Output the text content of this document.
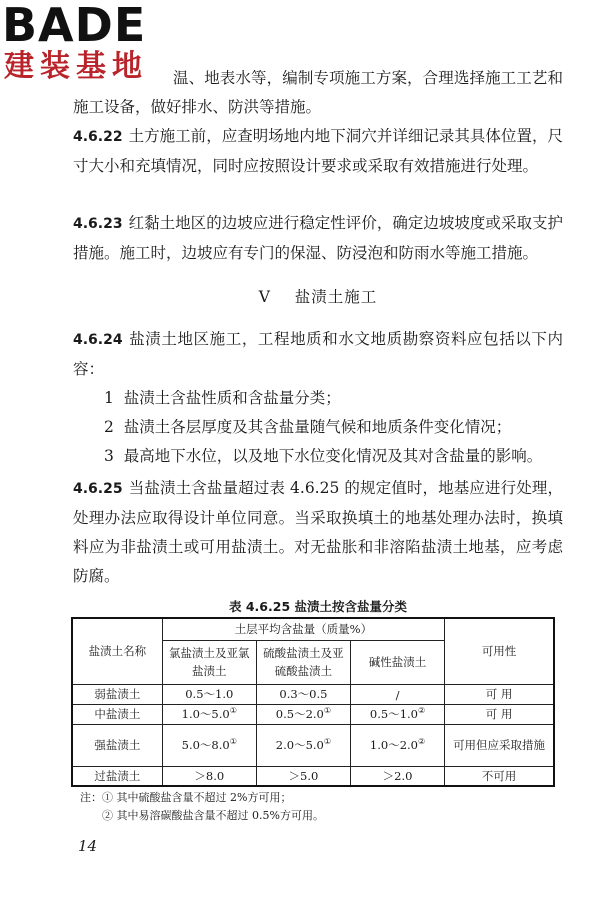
BADE
建装基地	温、地表水等，编制专项施工方案，合理选择施工工艺和施工设备，做好排水、防洪等措施。

4.6.22 土方施工前，应查明场地内地下洞穴并详细记录其具体位置，尺寸大小和充填情况，同时应按照设计要求或采取有效措施进行处理。

4.6.23 红黏土地区的边坡应进行稳定性评价，确定边坡坡度或采取支护措施。施工时，边坡应有专门的保湿、防浸泡和防雨水等施工措施。

V 盐渍土施工

4.6.24 盐渍土地区施工，工程地质和水文地质勘察资料应包括以下内容：

1 盐渍土含盐性质和含盐量分类；

2 盐渍土各层厚度及其含盐量随气候和地质条件变化情况；

3 最高地下水位，以及地下水位变化情况及其对含盐量的影响。

4.6.25 当盐渍土含盐量超过表 4.6.25 的规定值时，地基应进行处理，处理办法应取得设计单位同意。当采取换填土的地基处理办法时，换填料应为非盐渍土或可用盐渍土。对无盐胀和非溶陷盐渍土地基，应考虑防腐。

表 4.6.25 盐渍土按含盐量分类
盐渍土名称	土层平均含盐量（质量%）			可用性
	氯盐渍土及亚氯盐渍土	硫酸盐渍土及亚硫酸盐渍土	碱性盐渍土	
弱盐渍土	0.5～1.0	0.3～0.5	/	可 用
中盐渍土	1.0～5.0①	0.5～2.0①	0.5～1.0②	可 用
强盐渍土	5.0～8.0①	2.0～5.0①	1.0～2.0②	可用但应采取措施
过盐渍土	＞8.0	＞5.0	＞2.0	不可用
注：① 其中硫酸盐含量不超过 2%方可用；
② 其中易溶碳酸盐含量不超过 0.5%方可用。
14
